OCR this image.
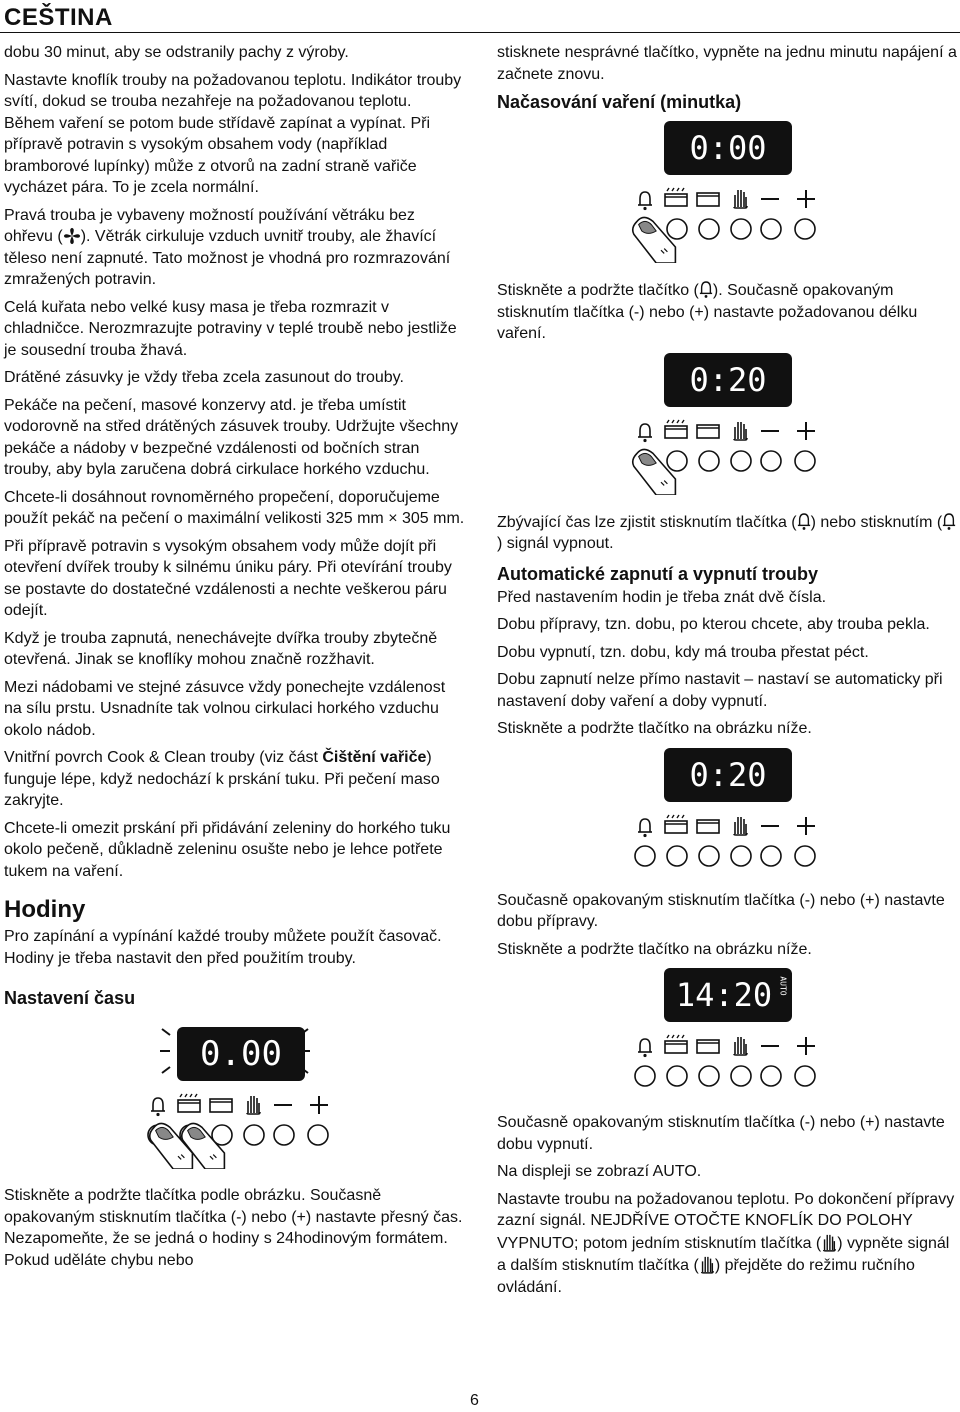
CEŠTINA

dobu 30 minut, aby se odstranily pachy z výroby.

Nastavte knoflík trouby na požadovanou teplotu. Indikátor trouby svítí, dokud se trouba nezahřeje na požadovanou teplotu. Během vaření se potom bude střídavě zapínat a vypínat. Při přípravě potravin s vysokým obsahem vody (například bramborové lupínky) může z otvorů na zadní straně vařiče vycházet pára. To je zcela normální.

Pravá trouba je vybaveny možností používání větráku bez ohřevu ( ). Větrák cirkuluje vzduch uvnitř trouby, ale žhavící těleso není zapnuté. Tato možnost je vhodná pro rozmrazování zmražených potravin.

Celá kuřata nebo velké kusy masa je třeba rozmrazit v chladničce. Nerozmrazujte potraviny v teplé troubě nebo jestliže je sousední trouba žhavá.

Drátěné zásuvky je vždy třeba zcela zasunout do trouby.

Pekáče na pečení, masové konzervy atd. je třeba umístit vodorovně na střed drátěných zásuvek trouby. Udržujte všechny pekáče a nádoby v bezpečné vzdálenosti od bočních stran trouby, aby byla zaručena dobrá cirkulace horkého vzduchu.

Chcete-li dosáhnout rovnoměrného propečení, doporučujeme použít pekáč na pečení o maximální velikosti 325 mm × 305 mm.

Při přípravě potravin s vysokým obsahem vody může dojít při otevření dvířek trouby k silnému úniku páry. Při otevírání trouby se postavte do dostatečné vzdálenosti a nechte veškerou páru odejít.

Když je trouba zapnutá, nenechávejte dvířka trouby zbytečně otevřená. Jinak se knoflíky mohou značně rozžhavit.

Mezi nádobami ve stejné zásuvce vždy ponechejte vzdálenost na sílu prstu. Usnadníte tak volnou cirkulaci horkého vzduchu okolo nádob.

Vnitřní povrch Cook & Clean trouby (viz část Čištění vařiče) funguje lépe, když nedochází k prskání tuku. Při pečení maso zakryjte.

Chcete-li omezit prskání při přidávání zeleniny do horkého tuku okolo pečeně, důkladně zeleninu osušte nebo je lehce potřete tukem na vaření.

Hodiny

Pro zapínání a vypínání každé trouby můžete použít časovač. Hodiny je třeba nastavit den před použitím trouby.

Nastavení času
0.00

Stiskněte a podržte tlačítka podle obrázku. Současně opakovaným stisknutím tlačítka (-) nebo (+) nastavte přesný čas. Nezapomeňte, že se jedná o hodiny s 24hodinovým formátem. Pokud uděláte chybu nebo

stisknete nesprávné tlačítko, vypněte na jednu minutu napájení a začnete znovu.

Načasování vaření (minutka)
0:00

Stiskněte a podržte tlačítko ( ). Současně opakovaným stisknutím tlačítka (-) nebo (+) nastavte požadovanou délku vaření.

0:20

Zbývající čas lze zjistit stisknutím tlačítka ( ) nebo stisknutím () signál vypnout.

Automatické zapnutí a vypnutí trouby

Před nastavením hodin je třeba znát dvě čísla.

Dobu přípravy, tzn. dobu, po kterou chcete, aby trouba pekla.

Dobu vypnutí, tzn. dobu, kdy má trouba přestat péct.

Dobu zapnutí nelze přímo nastavit – nastaví se automaticky při nastavení doby vaření a doby vypnutí.

Stiskněte a podržte tlačítko na obrázku níže.

0:20

Současně opakovaným stisknutím tlačítka (-) nebo (+) nastavte dobu přípravy.

Stiskněte a podržte tlačítko na obrázku níže.

14:20 AUTO

Současně opakovaným stisknutím tlačítka (-) nebo (+) nastavte dobu vypnutí.

Na displeji se zobrazí AUTO.

Nastavte troubu na požadovanou teplotu. Po dokončení přípravy zazní signál. NEJDŘÍVE OTOČTE KNOFLÍK DO POLOHY VYPNUTO; potom jedním stisknutím tlačítka ( ) vypněte signál a dalším stisknutím tlačítka ( ) přejděte do režimu ručního ovládání.

6
